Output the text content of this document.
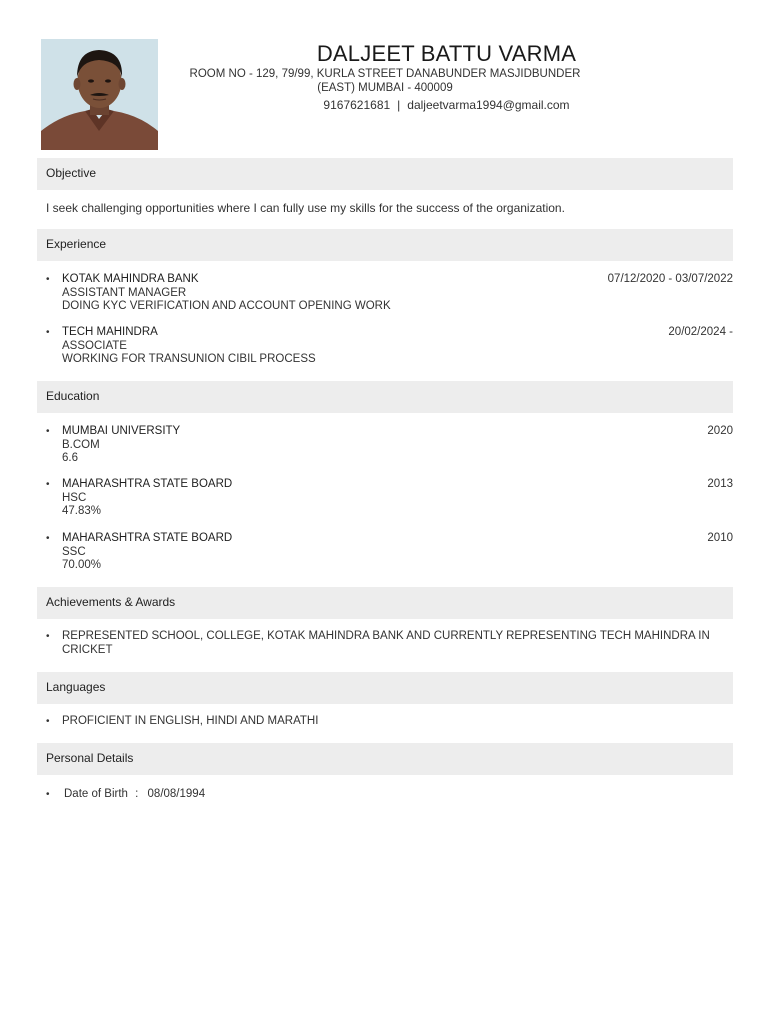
DALJEET BATTU VARMA
ROOM NO - 129, 79/99, KURLA STREET DANABUNDER MASJIDBUNDER
(EAST) MUMBAI - 400009
9167621681 | daljeetvarma1994@gmail.com
Objective
I seek challenging opportunities where I can fully use my skills for the success of the organization.
Experience
• KOTAK MAHINDRA BANK
ASSISTANT MANAGER
DOING KYC VERIFICATION AND ACCOUNT OPENING WORK
07/12/2020 - 03/07/2022
• TECH MAHINDRA
ASSOCIATE
WORKING FOR TRANSUNION CIBIL PROCESS
20/02/2024 -
Education
• MUMBAI UNIVERSITY
B.COM
6.6
2020
• MAHARASHTRA STATE BOARD
HSC
47.83%
2013
• MAHARASHTRA STATE BOARD
SSC
70.00%
2010
Achievements & Awards
• REPRESENTED SCHOOL, COLLEGE, KOTAK MAHINDRA BANK AND CURRENTLY REPRESENTING TECH MAHINDRA IN CRICKET
Languages
• PROFICIENT IN ENGLISH, HINDI AND MARATHI
Personal Details
• Date of Birth : 08/08/1994
